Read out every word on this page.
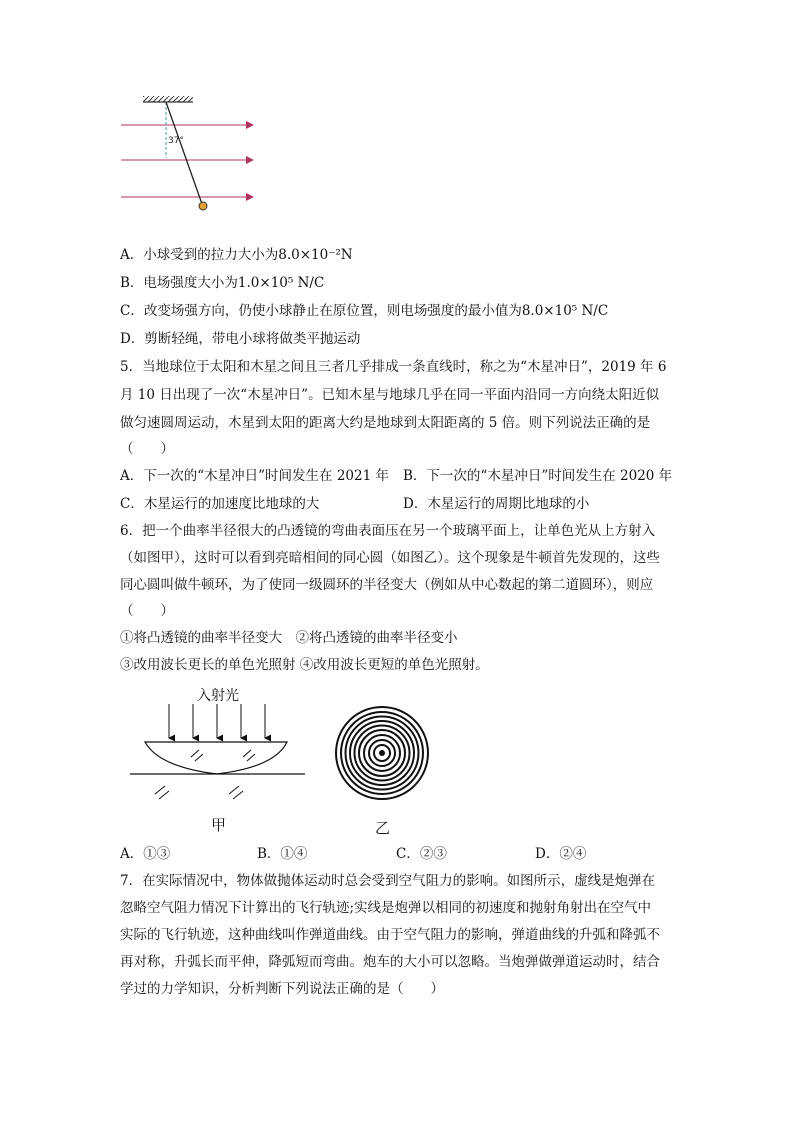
37°
A．小球受到的拉力大小为8.0×10⁻²N
B．电场强度大小为1.0×10⁵ N/C
C．改变场强方向，仍使小球静止在原位置，则电场强度的最小值为8.0×10⁵ N/C
D．剪断轻绳，带电小球将做类平抛运动
5．当地球位于太阳和木星之间且三者几乎排成一条直线时，称之为“木星冲日”，2019 年 6
月 10 日出现了一次“木星冲日”。已知木星与地球几乎在同一平面内沿同一方向绕太阳近似
做匀速圆周运动，木星到太阳的距离大约是地球到太阳距离的 5 倍。则下列说法正确的是
（　　）
A．下一次的“木星冲日”时间发生在 2021 年 B．下一次的“木星冲日”时间发生在 2020 年
C．木星运行的加速度比地球的大	D．木星运行的周期比地球的小
6．把一个曲率半径很大的凸透镜的弯曲表面压在另一个玻璃平面上，让单色光从上方射入
（如图甲），这时可以看到亮暗相间的同心圆（如图乙）。这个现象是牛顿首先发现的，这些
同心圆叫做牛顿环，为了使同一级圆环的半径变大（例如从中心数起的第二道圆环），则应
（　　）
①将凸透镜的曲率半径变大　②将凸透镜的曲率半径变小
③改用波长更长的单色光照射 ④改用波长更短的单色光照射。
入射光
甲	乙
A．①③	B．①④	C．②③	D．②④
7．在实际情况中，物体做抛体运动时总会受到空气阻力的影响。如图所示，虚线是炮弹在
忽略空气阻力情况下计算出的飞行轨迹;实线是炮弹以相同的初速度和抛射角射出在空气中
实际的飞行轨迹，这种曲线叫作弹道曲线。由于空气阻力的影响，弹道曲线的升弧和降弧不
再对称，升弧长而平伸，降弧短而弯曲。炮车的大小可以忽略。当炮弹做弹道运动时，结合
学过的力学知识，分析判断下列说法正确的是（　　）
